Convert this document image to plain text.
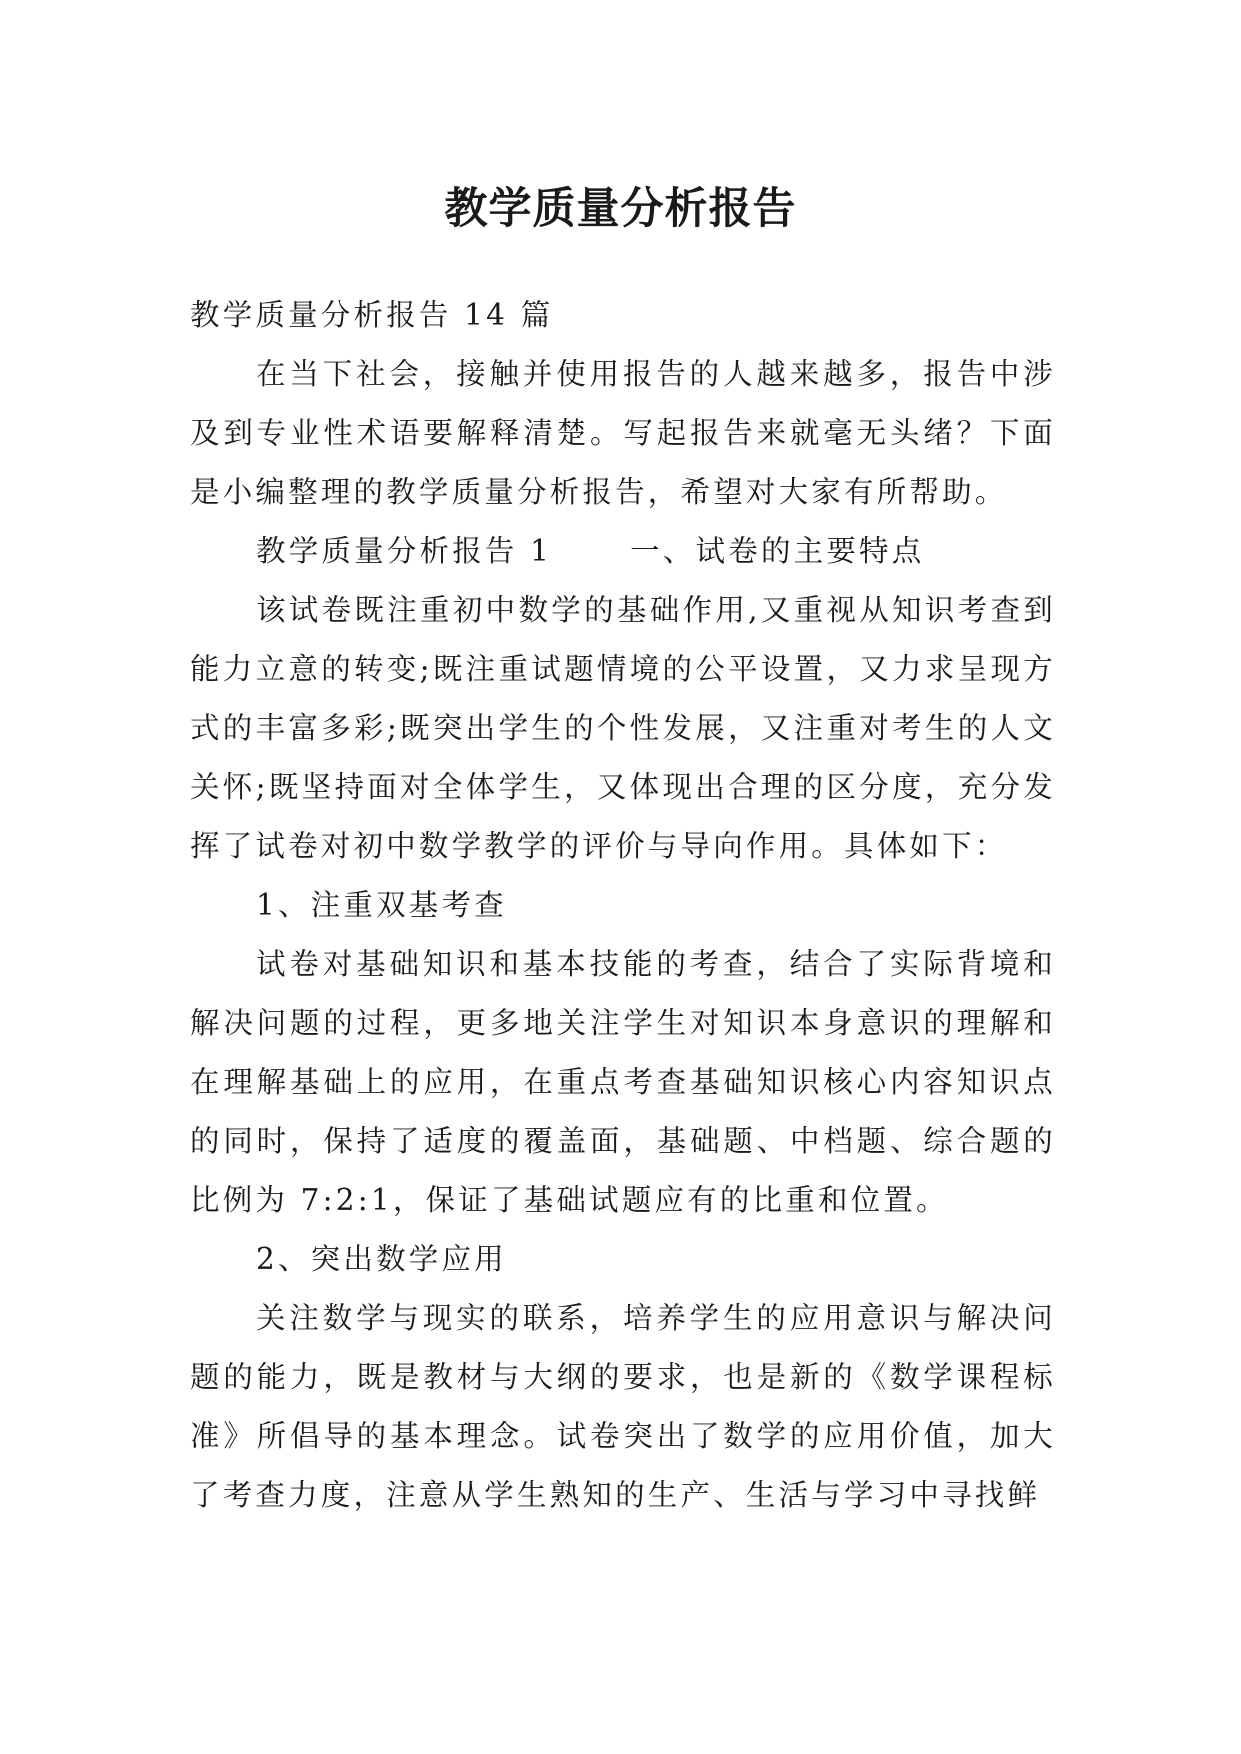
教学质量分析报告

教学质量分析报告 14 篇

在当下社会，接触并使用报告的人越来越多，报告中涉及到专业性术语要解释清楚。写起报告来就毫无头绪？下面是小编整理的教学质量分析报告，希望对大家有所帮助。

教学质量分析报告 1	一、试卷的主要特点

该试卷既注重初中数学的基础作用,又重视从知识考查到能力立意的转变;既注重试题情境的公平设置，又力求呈现方式的丰富多彩;既突出学生的个性发展，又注重对考生的人文关怀;既坚持面对全体学生，又体现出合理的区分度，充分发挥了试卷对初中数学教学的评价与导向作用。具体如下：

1、注重双基考查

试卷对基础知识和基本技能的考查，结合了实际背境和解决问题的过程，更多地关注学生对知识本身意识的理解和在理解基础上的应用，在重点考查基础知识核心内容知识点的同时，保持了适度的覆盖面，基础题、中档题、综合题的比例为 7:2:1，保证了基础试题应有的比重和位置。

2、突出数学应用

关注数学与现实的联系，培养学生的应用意识与解决问题的能力，既是教材与大纲的要求，也是新的《数学课程标准》所倡导的基本理念。试卷突出了数学的应用价值，加大了考查力度，注意从学生熟知的生产、生活与学习中寻找鲜
